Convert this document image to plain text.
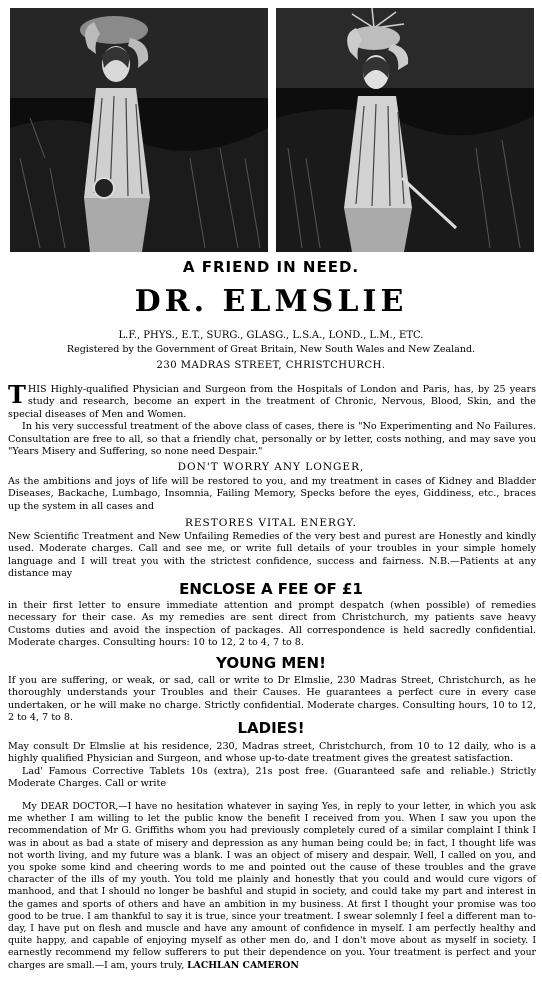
A FRIEND IN NEED.
DR. ELMSLIE
L.F., PHYS., E.T., SURG., GLASG., L.S.A., LOND., L.M., ETC.
Registered by the Government of Great Britain, New South Wales and New Zealand.
230 MADRAS STREET, CHRISTCHURCH.

THIS Highly-qualified Physician and Surgeon from the Hospitals of London and Paris, has, by 25 years study and research, become an expert in the treatment of Chronic, Nervous, Blood, Skin, and the special diseases of Men and Women.

In his very successful treatment of the above class of cases, there is "No Experimenting and No Failures. Consultation are free to all, so that a friendly chat, personally or by letter, costs nothing, and may save you "Years Misery and Suffering, so none need Despair."

DON'T WORRY ANY LONGER,
As the ambitions and joys of life will be restored to you, and my treatment in cases of Kidney and Bladder Diseases, Backache, Lumbago, Insomnia, Failing Memory, Specks before the eyes, Giddiness, etc., braces up the system in all cases and
RESTORES VITAL ENERGY.
New Scientific Treatment and New Unfailing Remedies of the very best and purest are Honestly and kindly used. Moderate charges. Call and see me, or write full details of your troubles in your simple homely language and I will treat you with the strictest confidence, success and fairness. N.B.—Patients at any distance may
ENCLOSE A FEE OF £1
in their first letter to ensure immediate attention and prompt despatch (when possible) of remedies necessary for their case. As my remedies are sent direct from Christchurch, my patients save heavy Customs duties and avoid the inspection of packages. All correspondence is held sacredly confidential. Moderate charges. Consulting hours: 10 to 12, 2 to 4, 7 to 8.
YOUNG MEN!
If you are suffering, or weak, or sad, call or write to Dr Elmslie, 230 Madras Street, Christchurch, as he thoroughly understands your Troubles and their Causes. He guarantees a perfect cure in every case undertaken, or he will make no charge. Strictly confidential. Moderate charges. Consulting hours, 10 to 12, 2 to 4, 7 to 8.
LADIES!

May consult Dr Elmslie at his residence, 230, Madras street, Christchurch, from 10 to 12 daily, who is a highly qualified Physician and Surgeon, and whose up-to-date treatment gives the greatest satisfaction.

Lad' Famous Corrective Tablets 10s (extra), 21s post free. (Guaranteed safe and reliable.) Strictly Moderate Charges. Call or write

My DEAR DOCTOR,—I have no hesitation whatever in saying Yes, in reply to your letter, in which you ask me whether I am willing to let the public know the benefit I received from you. When I saw you upon the recommendation of Mr G. Griffiths whom you had previously completely cured of a similar complaint I think I was in about as bad a state of misery and depression as any human being could be; in fact, I thought life was not worth living, and my future was a blank. I was an object of misery and despair. Well, I called on you, and you spoke some kind and cheering words to me and pointed out the cause of these troubles and the grave character of the ills of my youth. You told me plainly and honestly that you could and would cure vigors of manhood, and that I should no longer be bashful and stupid in society, and could take my part and interest in the games and sports of others and have an ambition in my business. At first I thought your promise was too good to be true. I am thankful to say it is true, since your treatment. I swear solemnly I feel a different man to-day, I have put on flesh and muscle and have any amount of confidence in myself. I am perfectly healthy and quite happy, and capable of enjoying myself as other men do, and I don't move about as myself in society. I earnestly recommend my fellow sufferers to put their dependence on you. Your treatment is perfect and your charges are small.—I am, yours truly, LACHLAN CAMERON
